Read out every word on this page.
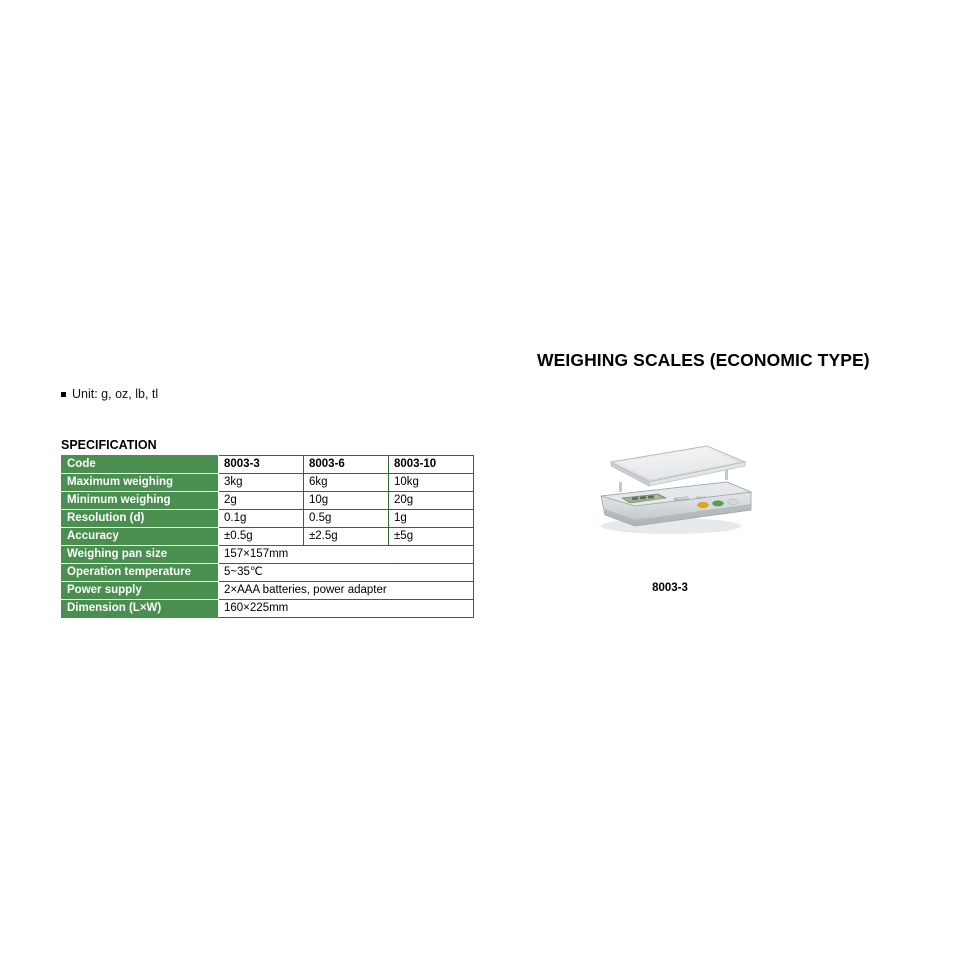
WEIGHING SCALES (ECONOMIC TYPE)
Unit: g, oz, lb, tl
SPECIFICATION
Code	8003-3	8003-6	8003-10
Maximum weighing	3kg	6kg	10kg
Minimum weighing	2g	10g	20g
Resolution (d)	0.1g	0.5g	1g
Accuracy	±0.5g	±2.5g	±5g
Weighing pan size	157×157mm		
Operation temperature	5~35℃		
Power supply	2×AAA batteries, power adapter		
Dimension (L×W)	160×225mm		
INGCO 8003-3
8003-3
